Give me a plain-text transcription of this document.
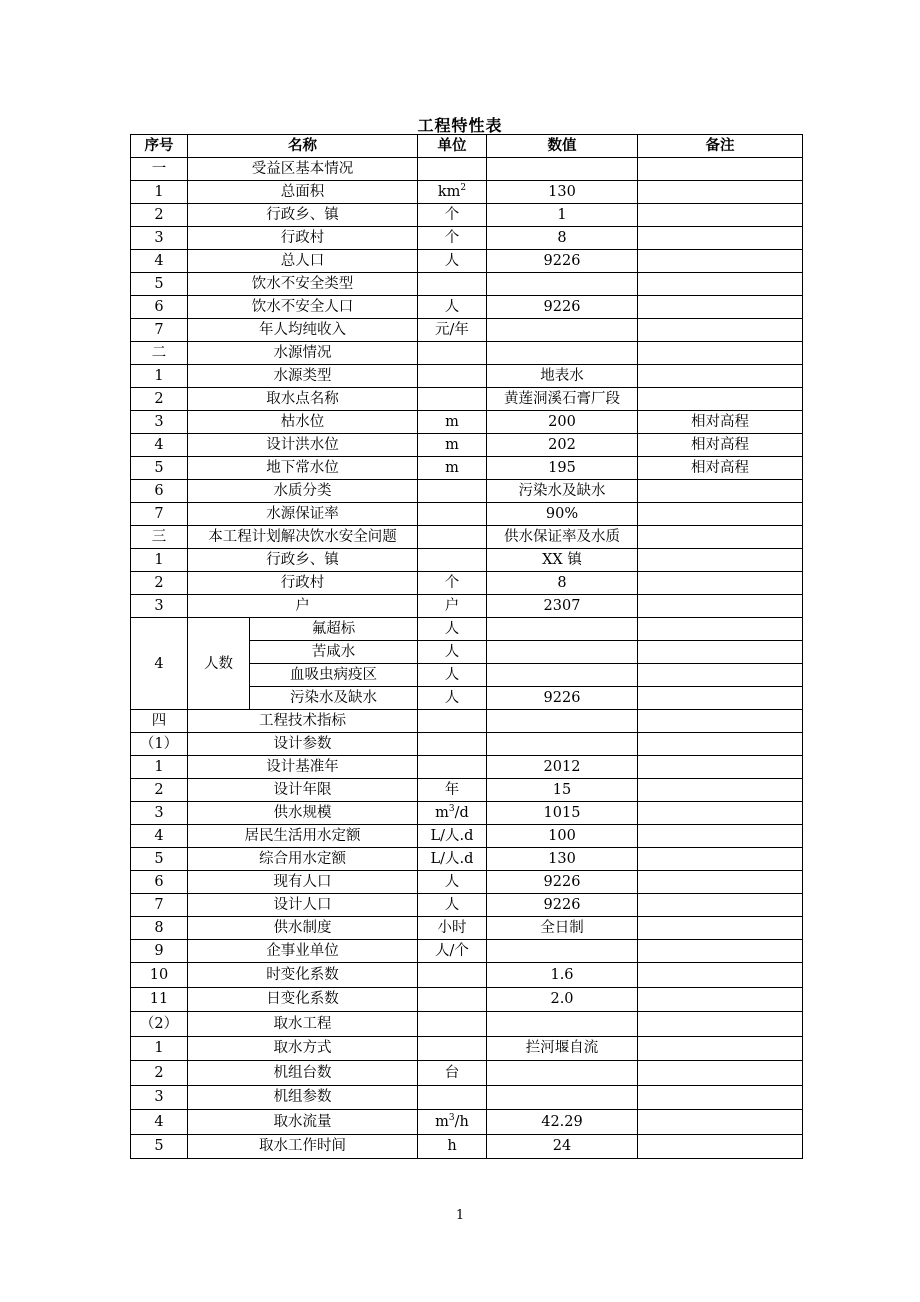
工程特性表
序号	名称		单位	数值	备注
一	受益区基本情况				
1	总面积		$km^2$	130	
2	行政乡、镇		个	1	
3	行政村		个	8	
4	总人口		人	9226	
5	饮水不安全类型				
6	饮水不安全人口		人	9226	
7	年人均纯收入		元/年		
二	水源情况				
1	水源类型			地表水	
2	取水点名称			黄莲洞溪石膏厂段	
3	枯水位		m	200	相对高程
4	设计洪水位		m	202	相对高程
5	地下常水位		m	195	相对高程
6	水质分类			污染水及缺水	
7	水源保证率			90%	
三	本工程计划解决饮水安全问题			供水保证率及水质	
1	行政乡、镇			XX 镇	
2	行政村		个	8	
3	户		户	2307	
4	人数	氟超标	人		
		苦咸水	人		
		血吸虫病疫区	人		
		污染水及缺水	人	9226	
四	工程技术指标				
（1）	设计参数				
1	设计基准年			2012	
2	设计年限		年	15	
3	供水规模		$m^3/d$	1015	
4	居民生活用水定额		L/人.d	100	
5	综合用水定额		L/人.d	130	
6	现有人口		人	9226	
7	设计人口		人	9226	
8	供水制度		小时	全日制	
9	企事业单位		人/个		
10	时变化系数			1.6	
11	日变化系数			2.0	
（2）	取水工程				
1	取水方式			拦河堰自流	
2	机组台数		台		
3	机组参数				
4	取水流量		$m^3/h$	42.29	
5	取水工作时间		h	24	
1
